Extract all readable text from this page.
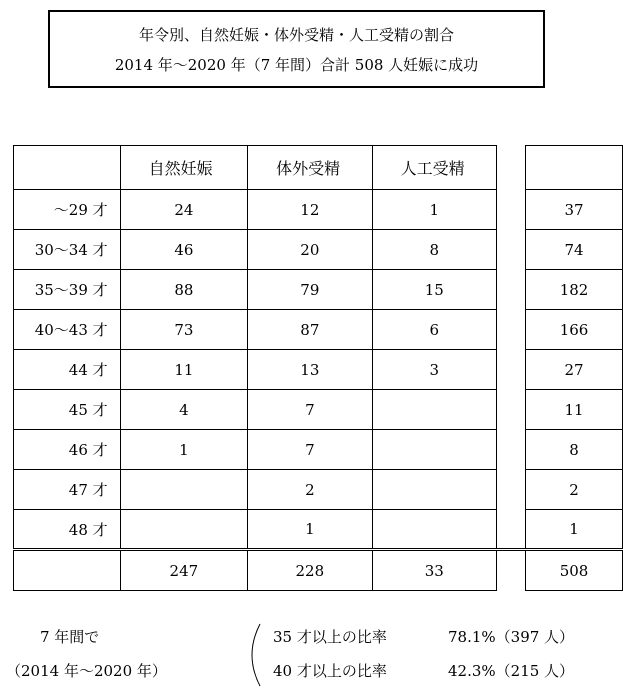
年令別、自然妊娠・体外受精・人工受精の割合
2014 年～2020 年（7 年間）合計 508 人妊娠に成功
	自然妊娠	体外受精	人工受精		
～29 才	24	12	1		37
30～34 才	46	20	8		74
35～39 才	88	79	15		182
40～43 才	73	87	6		166
44 才	11	13	3		27
45 才	4	7			11
46 才	1	7			8
47 才		2			2
48 才		1			1
	247	228	33		508
7 年間で
（2014 年～2020 年）
35 才以上の比率	78.1%（397 人）
40 才以上の比率	42.3%（215 人）
